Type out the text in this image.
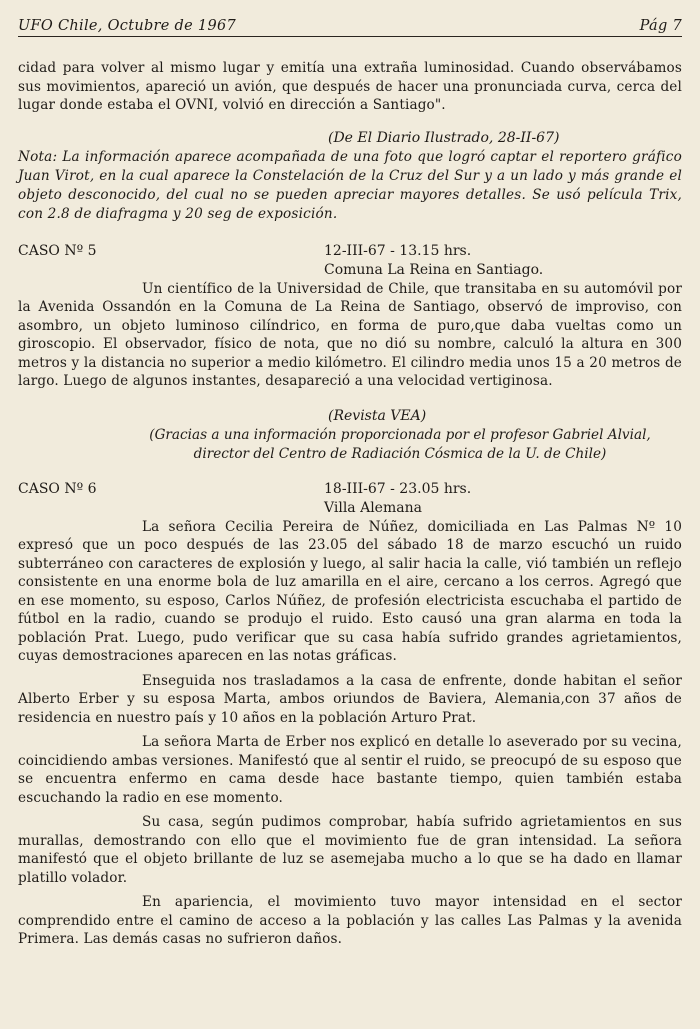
UFO Chile, Octubre de 1967	Pág 7

cidad para volver al mismo lugar y emitía una extraña luminosidad. Cuando observábamos sus movimientos, apareció un avión, que después de hacer una pronunciada curva, cerca del lugar donde estaba el OVNI, volvió en dirección a Santiago".

(De El Diario Ilustrado, 28-II-67)

Nota: La información aparece acompañada de una foto que logró captar el reportero gráfico Juan Virot, en la cual aparece la Constelación de la Cruz del Sur y a un lado y más grande el objeto desconocido, del cual no se pueden apreciar mayores detalles. Se usó película Trix, con 2.8 de diafragma y 20 seg de exposición.

CASO Nº 5	12-III-67 - 13.15 hrs.

Comuna La Reina en Santiago.

Un científico de la Universidad de Chile, que transitaba en su automóvil por la Avenida Ossandón en la Comuna de La Reina de Santiago, observó de improviso, con asombro, un objeto luminoso cilíndrico, en forma de puro,que daba vueltas como un giroscopio. El observador, físico de nota, que no dió su nombre, calculó la altura en 300 metros y la distancia no superior a medio kilómetro. El cilindro media unos 15 a 20 metros de largo. Luego de algunos instantes, desapareció a una velocidad vertiginosa.

(Revista VEA)

(Gracias a una información proporcionada por el profesor Gabriel Alvial, director del Centro de Radiación Cósmica de la U. de Chile)

CASO Nº 6	18-III-67 - 23.05 hrs.

Villa Alemana

La señora Cecilia Pereira de Núñez, domiciliada en Las Palmas Nº 10 expresó que un poco después de las 23.05 del sábado 18 de marzo escuchó un ruido subterráneo con caracteres de explosión y luego, al salir hacia la calle, vió también un reflejo consistente en una enorme bola de luz amarilla en el aire, cercano a los cerros. Agregó que en ese momento, su esposo, Carlos Núñez, de profesión electricista escuchaba el partido de fútbol en la radio, cuando se produjo el ruido. Esto causó una gran alarma en toda la población Prat. Luego, pudo verificar que su casa había sufrido grandes agrietamientos, cuyas demostraciones aparecen en las notas gráficas.

Enseguida nos trasladamos a la casa de enfrente, donde habitan el señor Alberto Erber y su esposa Marta, ambos oriundos de Baviera, Alemania,con 37 años de residencia en nuestro país y 10 años en la población Arturo Prat.

La señora Marta de Erber nos explicó en detalle lo aseverado por su vecina, coincidiendo ambas versiones. Manifestó que al sentir el ruido, se preocupó de su esposo que se encuentra enfermo en cama desde hace bastante tiempo, quien también estaba escuchando la radio en ese momento.

Su casa, según pudimos comprobar, había sufrido agrietamientos en sus murallas, demostrando con ello que el movimiento fue de gran intensidad. La señora manifestó que el objeto brillante de luz se asemejaba mucho a lo que se ha dado en llamar platillo volador.

En apariencia, el movimiento tuvo mayor intensidad en el sector comprendido entre el camino de acceso a la población y las calles Las Palmas y la avenida Primera. Las demás casas no sufrieron daños.
